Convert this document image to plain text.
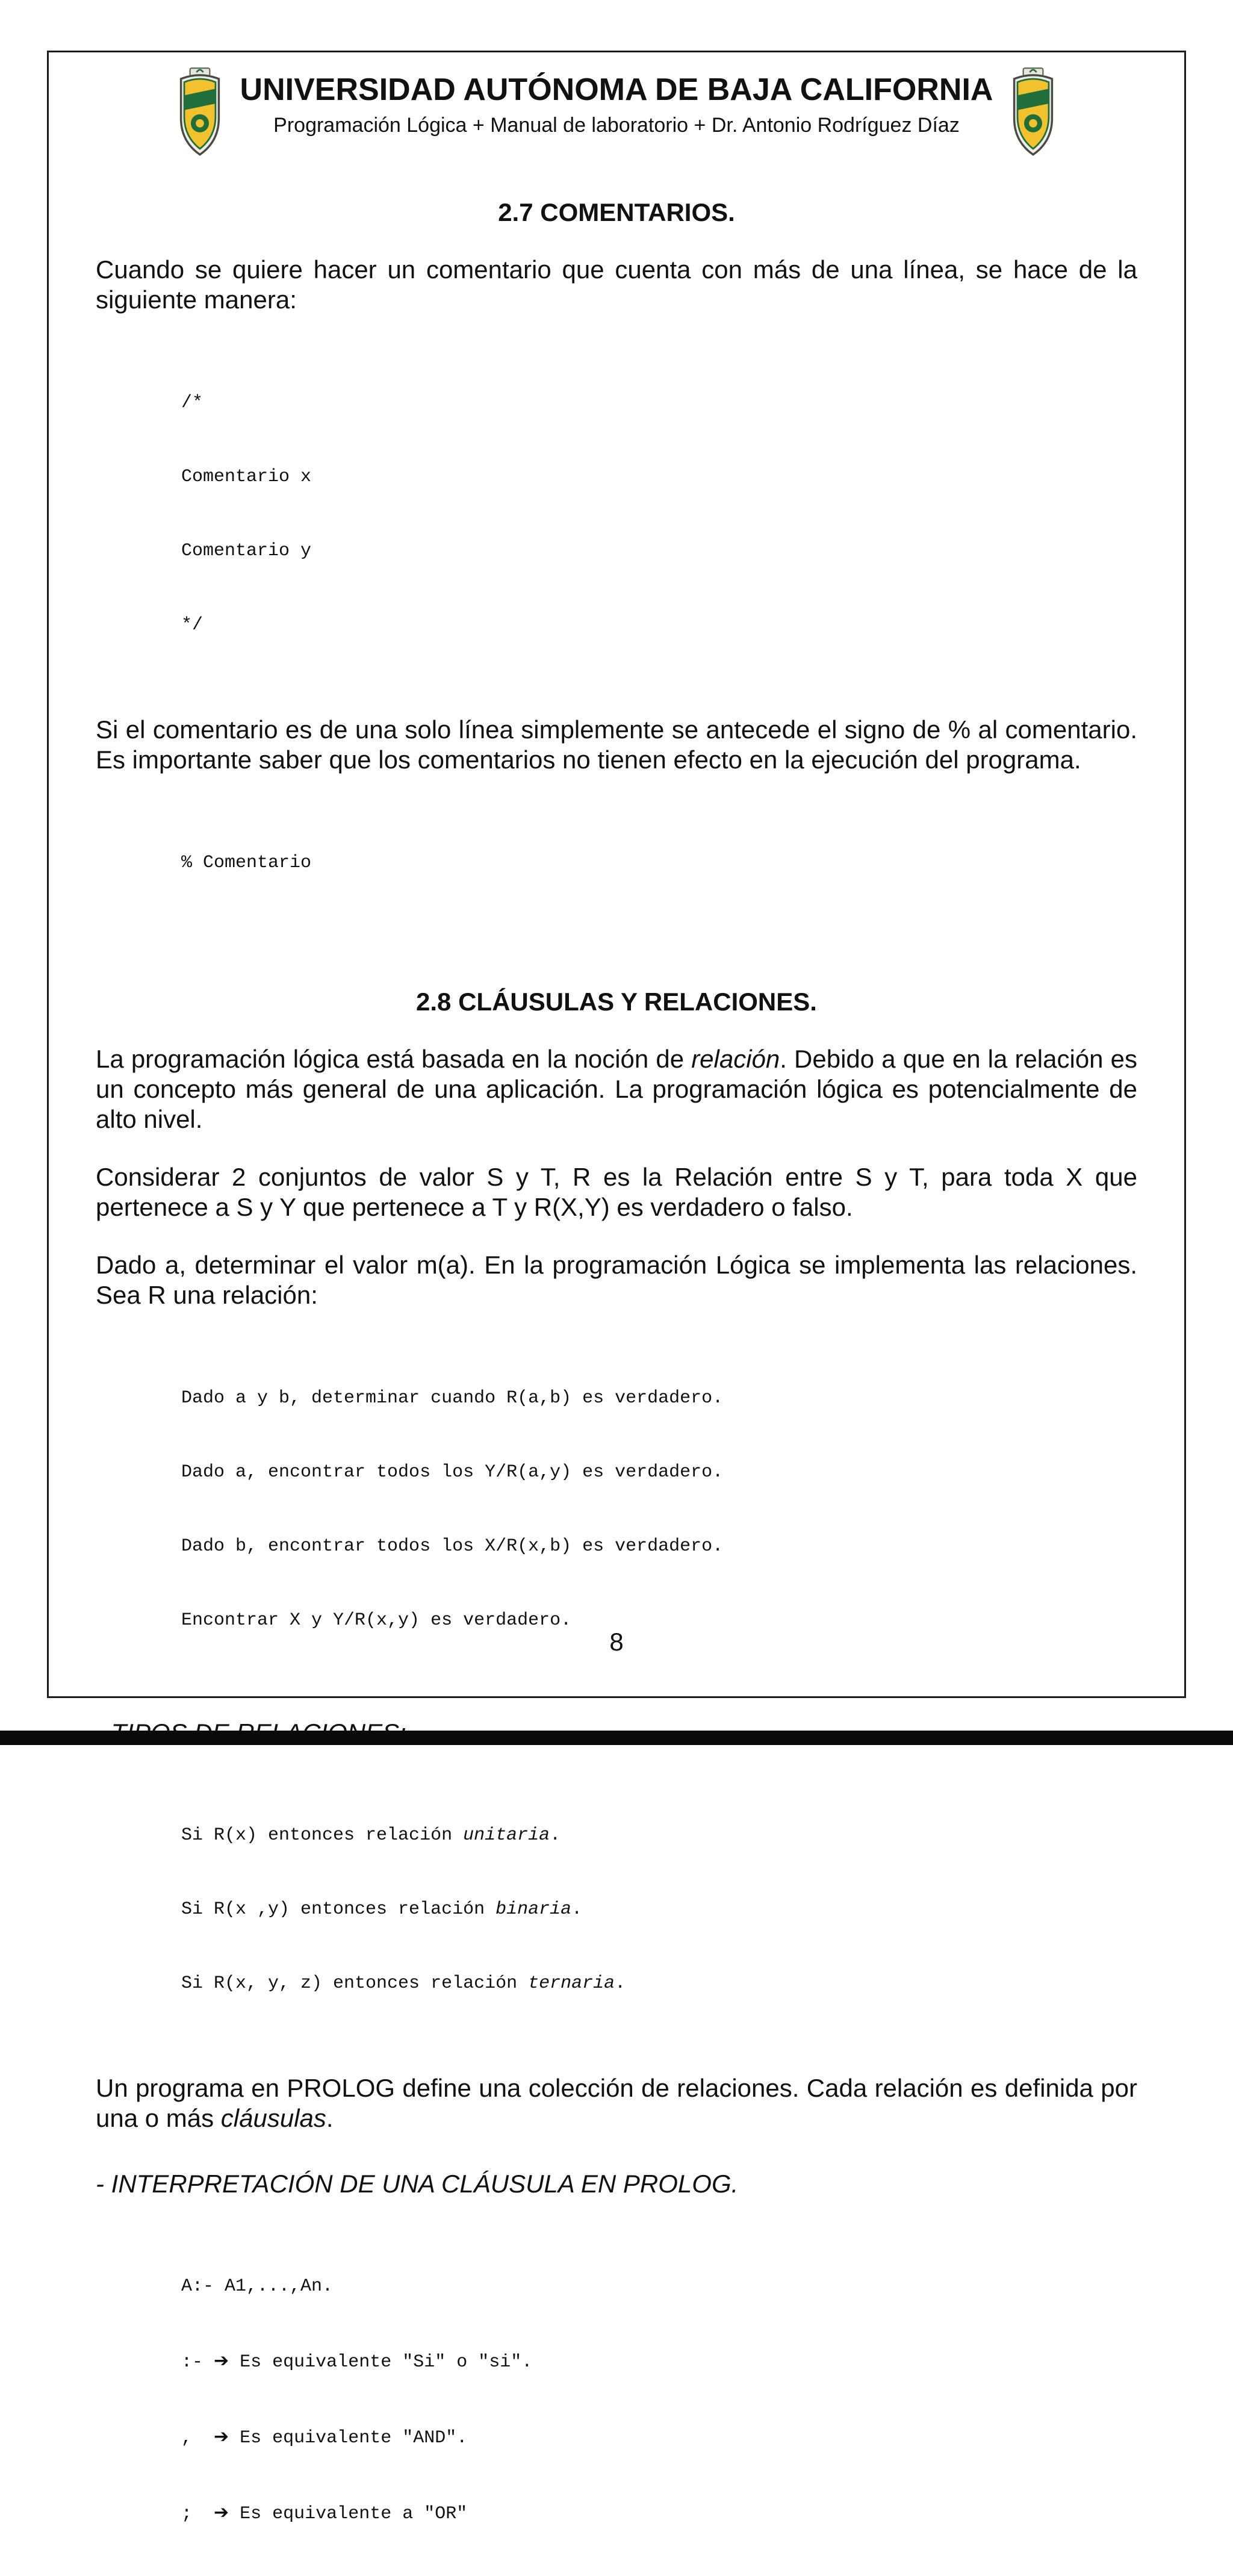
UNIVERSIDAD AUTÓNOMA DE BAJA CALIFORNIA
Programación Lógica + Manual de laboratorio + Dr. Antonio Rodríguez Díaz
2.7 COMENTARIOS.

Cuando se quiere hacer un comentario que cuenta con más de una línea, se hace de la siguiente manera:

/*

Comentario x

Comentario y

*/

Si el comentario es de una solo línea simplemente se antecede el signo de % al comentario. Es importante saber que los comentarios no tienen efecto en la ejecución del programa.

% Comentario

2.8 CLÁUSULAS Y RELACIONES.

La programación lógica está basada en la noción de relación. Debido a que en la relación es un concepto más general de una aplicación. La programación lógica es potencialmente de alto nivel.

Considerar 2 conjuntos de valor S y T, R es la Relación entre S y T, para toda X que pertenece a S y Y que pertenece a T y R(X,Y) es verdadero o falso.

Dado a, determinar el valor m(a). En la programación Lógica se implementa las relaciones. Sea R una relación:

Dado a y b, determinar cuando R(a,b) es verdadero.

Dado a, encontrar todos los Y/R(a,y) es verdadero.

Dado b, encontrar todos los X/R(x,b) es verdadero.

Encontrar X y Y/R(x,y) es verdadero.

Si R(x) entonces relación unitaria.

Si R(x ,y) entonces relación binaria.

Si R(x, y, z) entonces relación ternaria.

Un programa en PROLOG define una colección de relaciones. Cada relación es definida por una o más cláusulas.

- INTERPRETACIÓN DE UNA CLÁUSULA EN PROLOG.

A:- A1,...,An.

:- ➔ Es equivalente "Si" o "si".

,  ➔ Es equivalente "AND".

;  ➔ Es equivalente a "OR"

8
